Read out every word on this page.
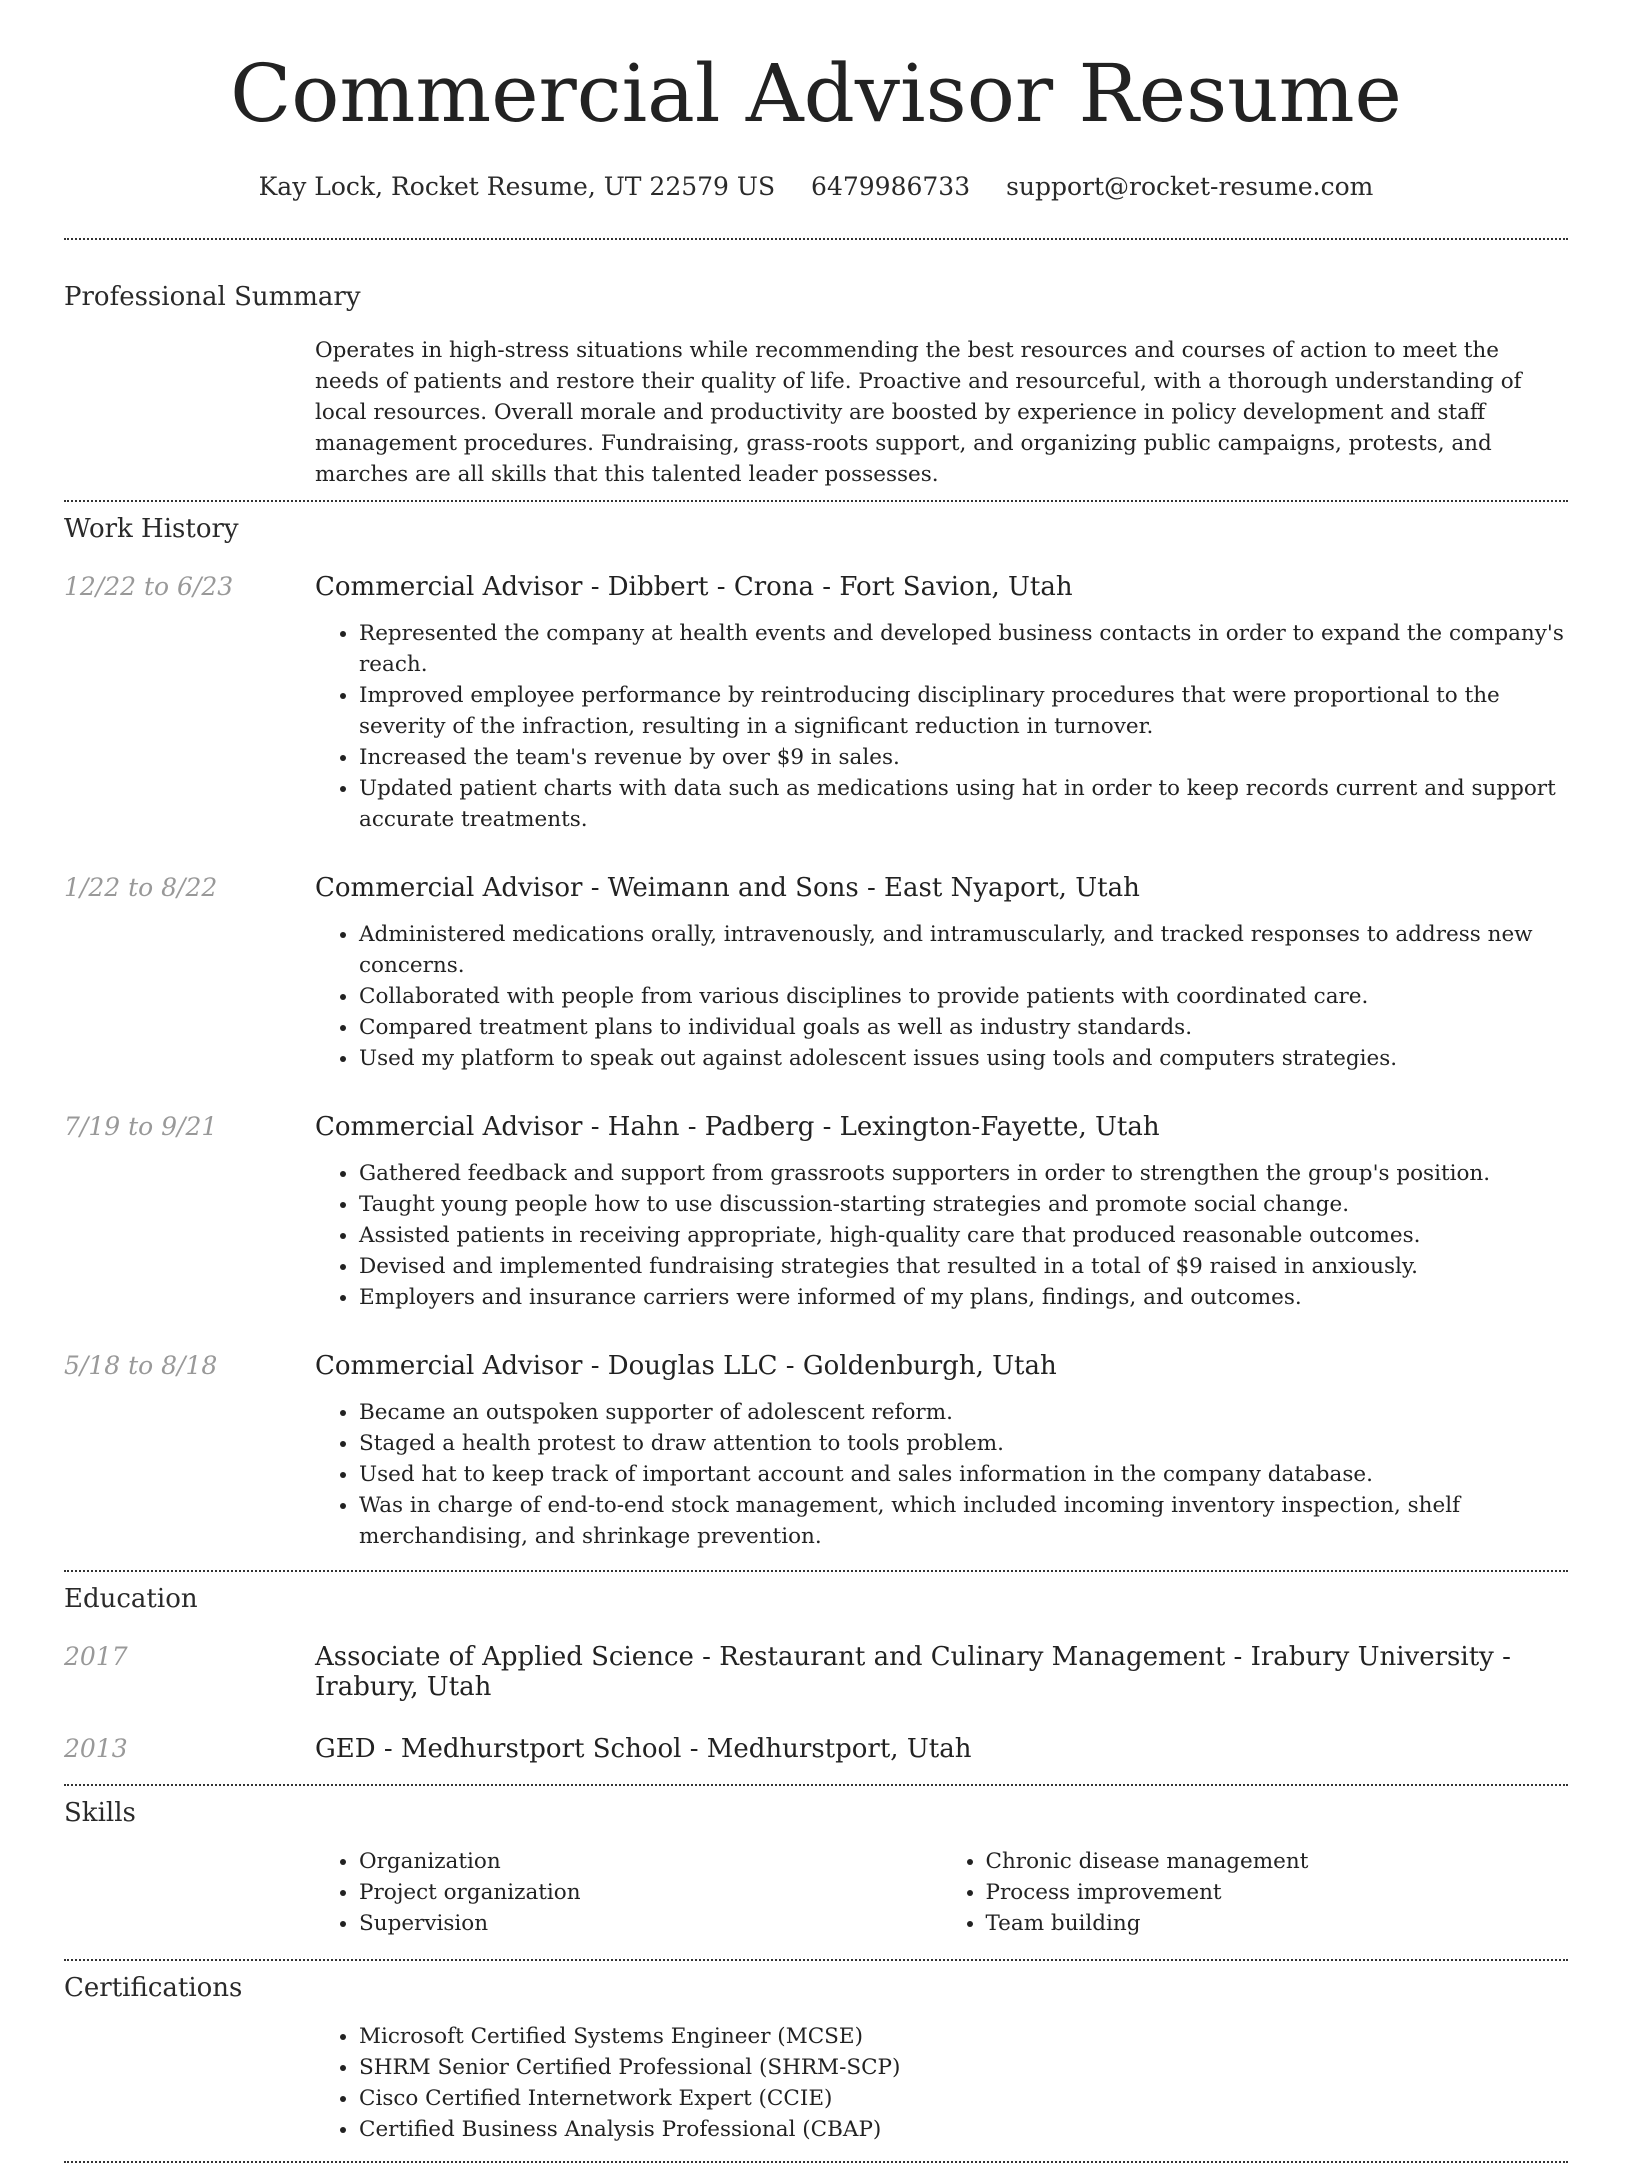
Commercial Advisor Resume
Kay Lock, Rocket Resume, UT 22579 US 6479986733 support@rocket-resume.com
Professional Summary

Operates in high-stress situations while recommending the best resources and courses of action to meet the needs of patients and restore their quality of life. Proactive and resourceful, with a thorough understanding of local resources. Overall morale and productivity are boosted by experience in policy development and staff management procedures. Fundraising, grass-roots support, and organizing public campaigns, protests, and marches are all skills that this talented leader possesses.

Work History
12/22 to 6/23	Commercial Advisor - Dibbert - Crona - Fort Savion, Utah
• Represented the company at health events and developed business contacts in order to expand the company's reach.
• Improved employee performance by reintroducing disciplinary procedures that were proportional to the severity of the infraction, resulting in a significant reduction in turnover.
• Increased the team's revenue by over $9 in sales.
• Updated patient charts with data such as medications using hat in order to keep records current and support accurate treatments.
1/22 to 8/22	Commercial Advisor - Weimann and Sons - East Nyaport, Utah
• Administered medications orally, intravenously, and intramuscularly, and tracked responses to address new concerns.
• Collaborated with people from various disciplines to provide patients with coordinated care.
• Compared treatment plans to individual goals as well as industry standards.
• Used my platform to speak out against adolescent issues using tools and computers strategies.
7/19 to 9/21	Commercial Advisor - Hahn - Padberg - Lexington-Fayette, Utah
• Gathered feedback and support from grassroots supporters in order to strengthen the group's position.
• Taught young people how to use discussion-starting strategies and promote social change.
• Assisted patients in receiving appropriate, high-quality care that produced reasonable outcomes.
• Devised and implemented fundraising strategies that resulted in a total of $9 raised in anxiously.
• Employers and insurance carriers were informed of my plans, findings, and outcomes.
5/18 to 8/18	Commercial Advisor - Douglas LLC - Goldenburgh, Utah
• Became an outspoken supporter of adolescent reform.
• Staged a health protest to draw attention to tools problem.
• Used hat to keep track of important account and sales information in the company database.
• Was in charge of end-to-end stock management, which included incoming inventory inspection, shelf merchandising, and shrinkage prevention.
Education
2017	Associate of Applied Science - Restaurant and Culinary Management - Irabury University - Irabury, Utah
2013	GED - Medhurstport School - Medhurstport, Utah
Skills
• Organization
• Project organization
• Supervision
• Chronic disease management
• Process improvement
• Team building
Certifications
• Microsoft Certified Systems Engineer (MCSE)
• SHRM Senior Certified Professional (SHRM-SCP)
• Cisco Certified Internetwork Expert (CCIE)
• Certified Business Analysis Professional (CBAP)
